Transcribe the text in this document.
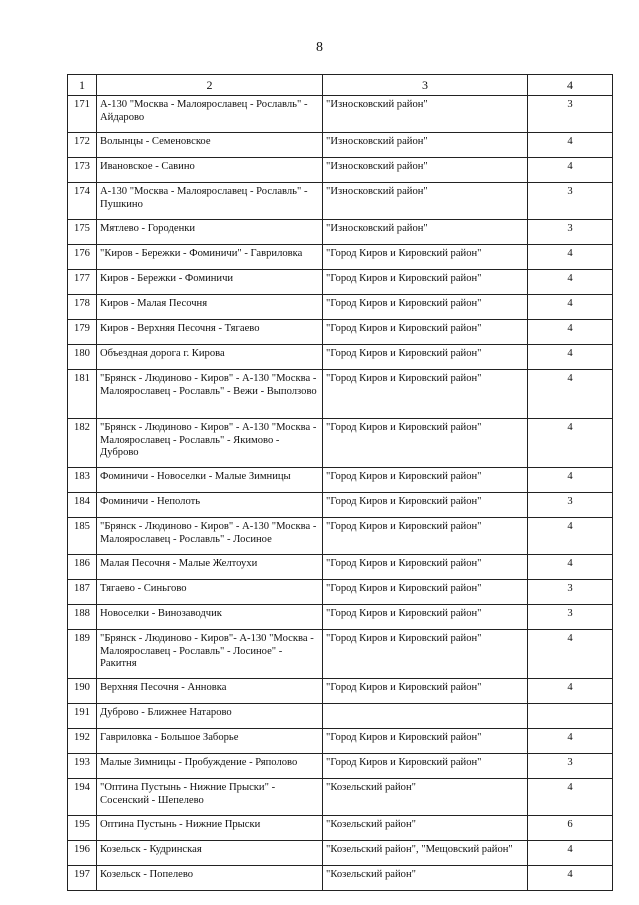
8
1	2	3	4
171	А-130 "Москва - Малоярославец - Рославль" - Айдарово	"Износковский район"	3
172	Волынцы - Семеновское	"Износковский район"	4
173	Ивановское - Савино	"Износковский район"	4
174	А-130 "Москва - Малоярославец - Рославль" - Пушкино	"Износковский район"	3
175	Мятлево - Городенки	"Износковский район"	3
176	"Киров - Бережки - Фоминичи" - Гавриловка	"Город Киров и Кировский район"	4
177	Киров - Бережки - Фоминичи	"Город Киров и Кировский район"	4
178	Киров - Малая Песочня	"Город Киров и Кировский район"	4
179	Киров - Верхняя Песочня - Тягаево	"Город Киров и Кировский район"	4
180	Объездная дорога г. Кирова	"Город Киров и Кировский район"	4
181	"Брянск - Людиново - Киров" - А-130 "Москва - Малоярославец - Рославль" - Вежи - Выползово	"Город Киров и Кировский район"	4
182	"Брянск - Людиново - Киров" - А-130 "Москва - Малоярославец - Рославль" - Якимово - Дуброво	"Город Киров и Кировский район"	4
183	Фоминичи - Новоселки - Малые Зимницы	"Город Киров и Кировский район"	4
184	Фоминичи - Неполоть	"Город Киров и Кировский район"	3
185	"Брянск - Людиново - Киров" - А-130 "Москва - Малоярославец - Рославль" - Лосиное	"Город Киров и Кировский район"	4
186	Малая Песочня - Малые Желтоухи	"Город Киров и Кировский район"	4
187	Тягаево - Синьгово	"Город Киров и Кировский район"	3
188	Новоселки - Винозаводчик	"Город Киров и Кировский район"	3
189	"Брянск - Людиново - Киров"- А-130 "Москва - Малоярославец - Рославль" - Лосиное" - Ракитня	"Город Киров и Кировский район"	4
190	Верхняя Песочня - Анновка	"Город Киров и Кировский район"	4
191	Дуброво - Ближнее Натарово		
192	Гавриловка - Большое Заборье	"Город Киров и Кировский район"	4
193	Малые Зимницы - Пробуждение - Ряполово	"Город Киров и Кировский район"	3
194	"Оптина Пустынь - Нижние Прыски" - Сосенский - Шепелево	"Козельский район"	4
195	Оптина Пустынь - Нижние Прыски	"Козельский район"	6
196	Козельск - Кудринская	"Козельский район", "Мещовский район"	4
197	Козельск - Попелево	"Козельский район"	4
